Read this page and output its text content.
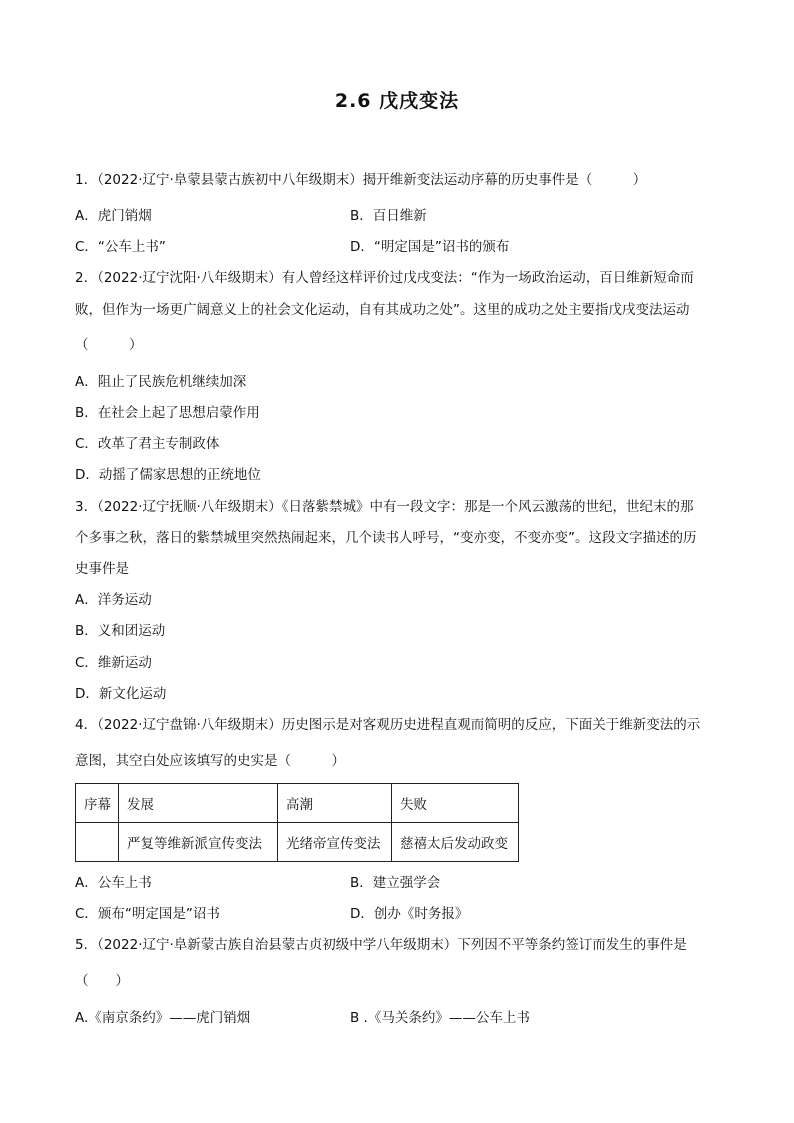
2.6 戊戌变法
1．（2022·辽宁·阜蒙县蒙古族初中八年级期末）揭开维新变法运动序幕的历史事件是（　　　）
A．虎门销烟	B．百日维新
C．“公车上书”	D．“明定国是”诏书的颁布
2．（2022·辽宁沈阳·八年级期末）有人曾经这样评价过戊戌变法：“作为一场政治运动，百日维新短命而
败，但作为一场更广阔意义上的社会文化运动，自有其成功之处”。这里的成功之处主要指戊戌变法运动
（　　　）
A．阻止了民族危机继续加深
B．在社会上起了思想启蒙作用
C．改革了君主专制政体
D．动摇了儒家思想的正统地位
3．（2022·辽宁抚顺·八年级期末）《日落紫禁城》中有一段文字：那是一个风云激荡的世纪，世纪末的那
个多事之秋，落日的紫禁城里突然热闹起来，几个读书人呼号，“变亦变，不变亦变”。这段文字描述的历
史事件是
A．洋务运动
B．义和团运动
C．维新运动
D．新文化运动
4．（2022·辽宁盘锦·八年级期末）历史图示是对客观历史进程直观而简明的反应，下面关于维新变法的示
意图，其空白处应该填写的史实是（　　　）
序幕	发展	高潮	失败
	严复等维新派宣传变法	光绪帝宣传变法	慈禧太后发动政变
A．公车上书	B．建立强学会
C．颁布“明定国是”诏书	D．创办《时务报》
5．（2022·辽宁·阜新蒙古族自治县蒙古贞初级中学八年级期末）下列因不平等条约签订而发生的事件是
（　　）
A.《南京条约》——虎门销烟	B .《马关条约》——公车上书
